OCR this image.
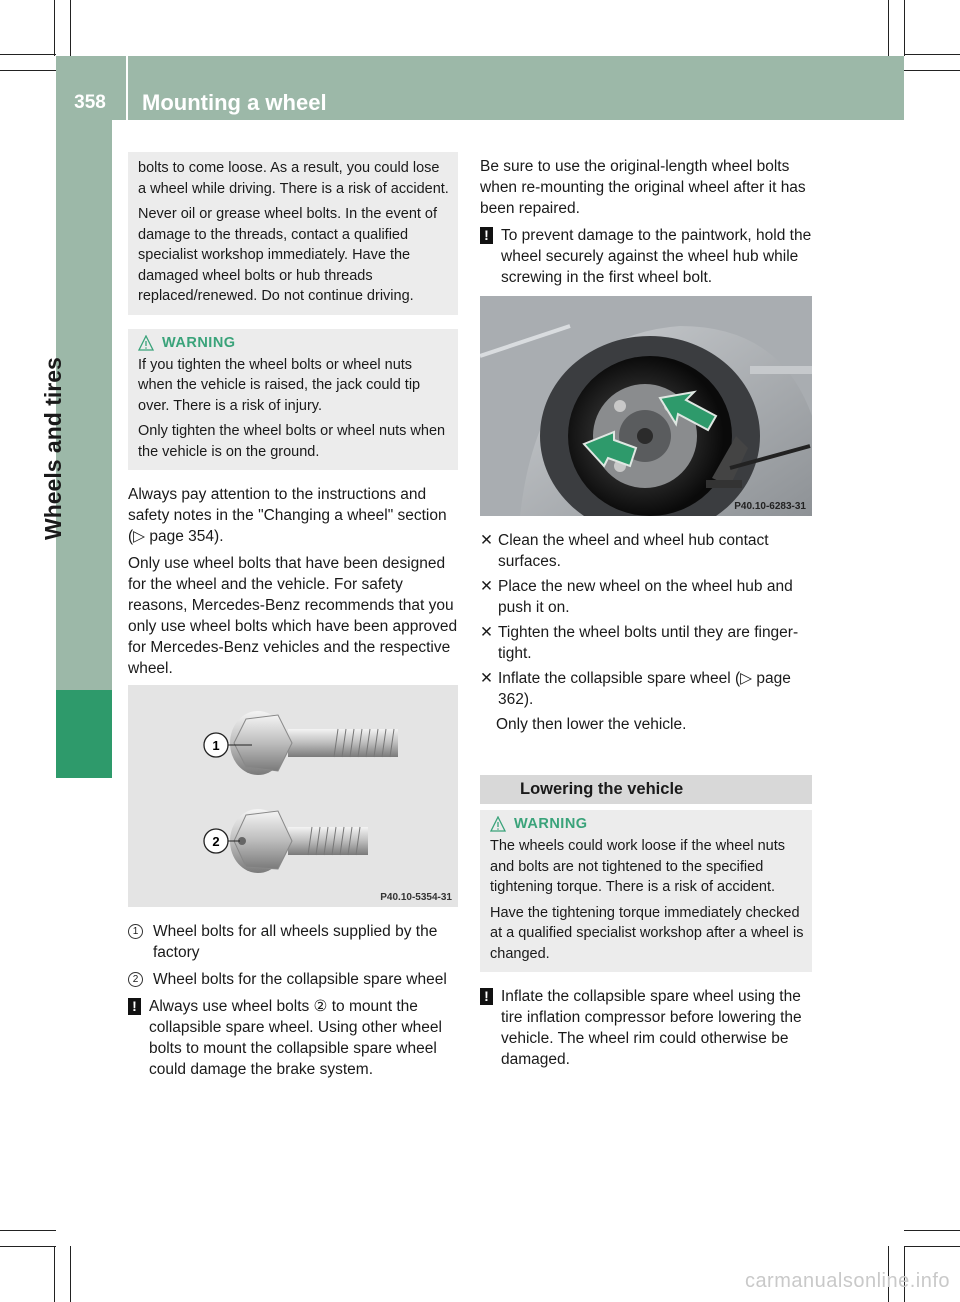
358	Mounting a wheel
Wheels and tires

bolts to come loose. As a result, you could lose a wheel while driving. There is a risk of accident.

Never oil or grease wheel bolts. In the event of damage to the threads, contact a qualified specialist workshop immediately. Have the damaged wheel bolts or hub threads replaced/renewed. Do not continue driving.

WARNING

If you tighten the wheel bolts or wheel nuts when the vehicle is raised, the jack could tip over. There is a risk of injury.

Only tighten the wheel bolts or wheel nuts when the vehicle is on the ground.

Always pay attention to the instructions and safety notes in the "Changing a wheel" section (▷ page 354).

Only use wheel bolts that have been designed for the wheel and the vehicle. For safety reasons, Mercedes-Benz recommends that you only use wheel bolts which have been approved for Mercedes-Benz vehicles and the respective wheel.

1
2
P40.10-5354-31
1 Wheel bolts for all wheels supplied by the factory
2 Wheel bolts for the collapsible spare wheel
! Always use wheel bolts ② to mount the collapsible spare wheel. Using other wheel bolts to mount the collapsible spare wheel could damage the brake system.

Be sure to use the original-length wheel bolts when re-mounting the original wheel after it has been repaired.

! To prevent damage to the paintwork, hold the wheel securely against the wheel hub while screwing in the first wheel bolt.
P40.10-6283-31
✕ Clean the wheel and wheel hub contact surfaces.
✕ Place the new wheel on the wheel hub and push it on.
✕ Tighten the wheel bolts until they are finger-tight.
✕ Inflate the collapsible spare wheel (▷ page 362).

Only then lower the vehicle.

Lowering the vehicle
WARNING

The wheels could work loose if the wheel nuts and bolts are not tightened to the specified tightening torque. There is a risk of accident.

Have the tightening torque immediately checked at a qualified specialist workshop after a wheel is changed.

! Inflate the collapsible spare wheel using the tire inflation compressor before lowering the vehicle. The wheel rim could otherwise be damaged.
carmanualsonline.info
